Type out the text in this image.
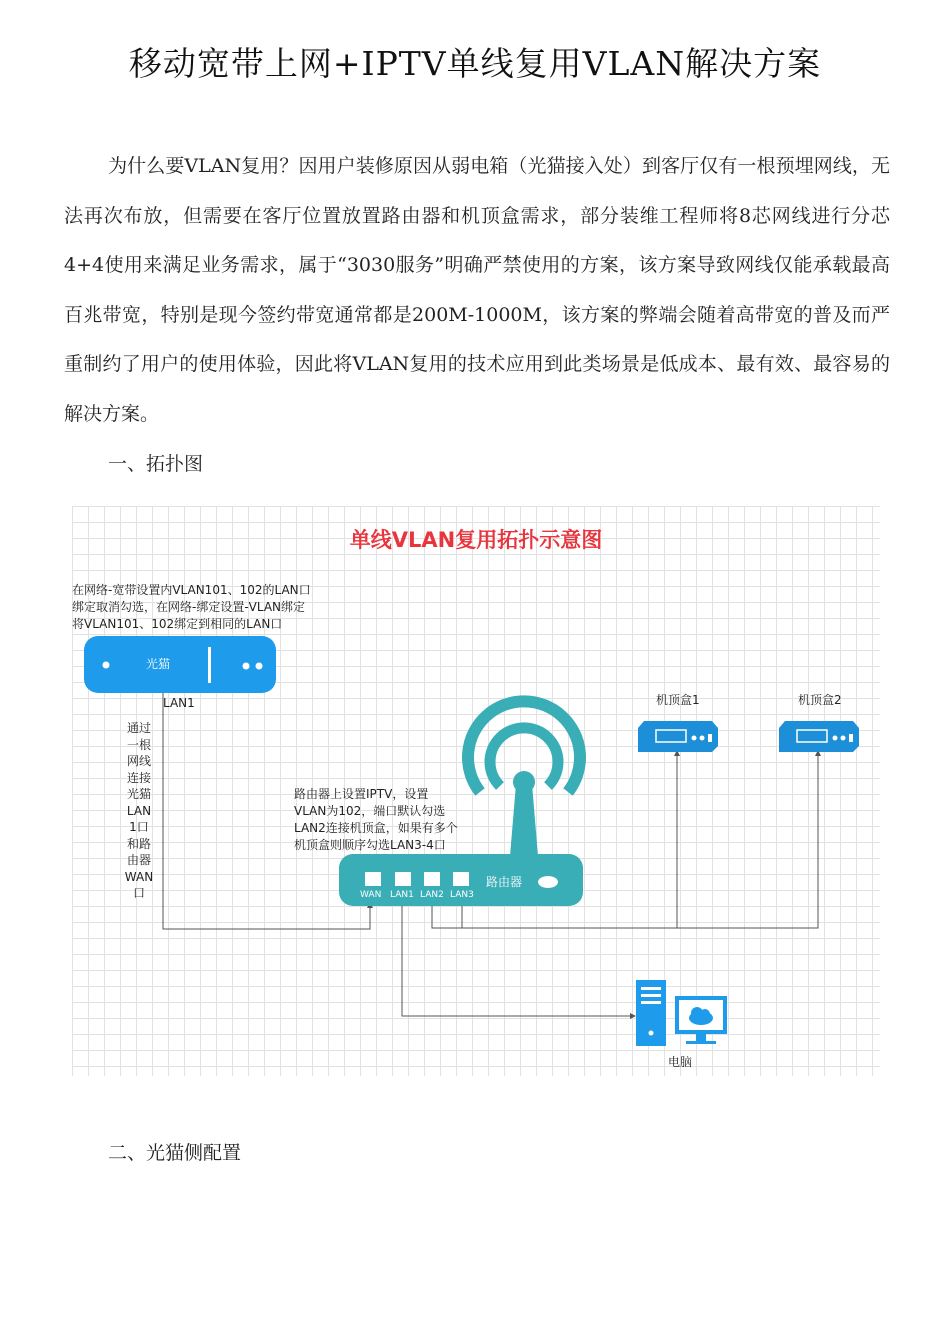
移动宽带上网+IPTV单线复用VLAN解决方案
为什么要VLAN复用？因用户装修原因从弱电箱（光猫接入处）到客厅仅有一根预埋网线，无法再次布放，但需要在客厅位置放置路由器和机顶盒需求，部分装维工程师将8芯网线进行分芯4+4使用来满足业务需求，属于“3030服务”明确严禁使用的方案，该方案导致网线仅能承载最高百兆带宽，特别是现今签约带宽通常都是200M-1000M，该方案的弊端会随着高带宽的普及而严重制约了用户的使用体验，因此将VLAN复用的技术应用到此类场景是低成本、最有效、最容易的解决方案。
一、拓扑图
单线VLAN复用拓扑示意图
在网络-宽带设置内VLAN101、102的LAN口
绑定取消勾选，在网络-绑定设置-VLAN绑定
将VLAN101、102绑定到相同的LAN口
光猫
LAN1
通过
一根
网线
连接
光猫
LAN
1口
和路
由器
WAN
口
路由器上设置IPTV，设置
VLAN为102，端口默认勾选
LAN2连接机顶盒，如果有多个
机顶盒则顺序勾选LAN3-4口
WAN LAN1 LAN2 LAN3
路由器
机顶盒1	机顶盒2
电脑
二、光猫侧配置
